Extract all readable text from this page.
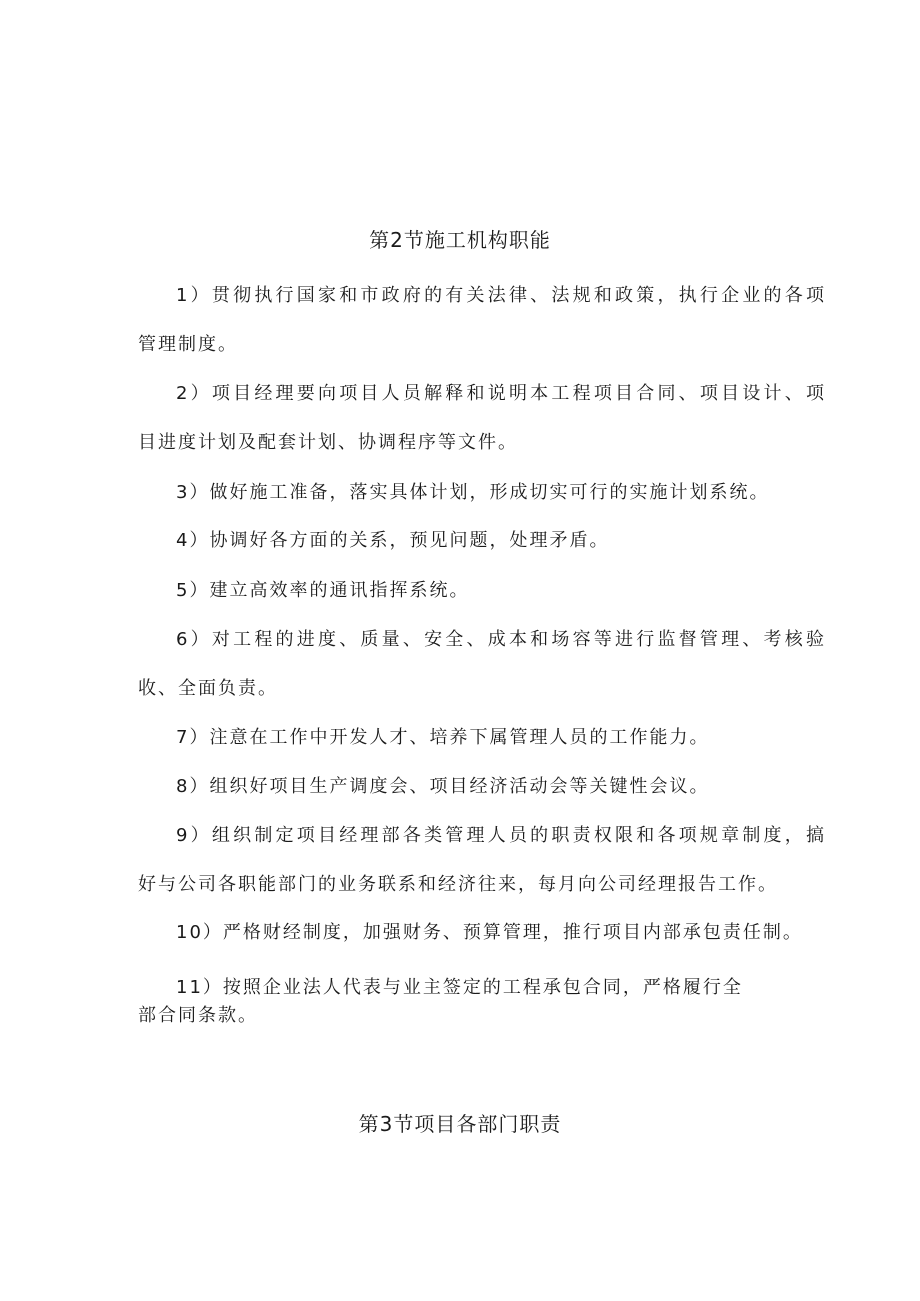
第2节施工机构职能
1）贯彻执行国家和市政府的有关法律、法规和政策，执行企业的各项
管理制度。
2）项目经理要向项目人员解释和说明本工程项目合同、项目设计、项
目进度计划及配套计划、协调程序等文件。
3）做好施工准备，落实具体计划，形成切实可行的实施计划系统。
4）协调好各方面的关系，预见问题，处理矛盾。
5）建立高效率的通讯指挥系统。
6）对工程的进度、质量、安全、成本和场容等进行监督管理、考核验
收、全面负责。
7）注意在工作中开发人才、培养下属管理人员的工作能力。
8）组织好项目生产调度会、项目经济活动会等关键性会议。
9）组织制定项目经理部各类管理人员的职责权限和各项规章制度，搞
好与公司各职能部门的业务联系和经济往来，每月向公司经理报告工作。
10）严格财经制度，加强财务、预算管理，推行项目内部承包责任制。
11）按照企业法人代表与业主签定的工程承包合同，严格履行全
部合同条款。
第3节项目各部门职责
